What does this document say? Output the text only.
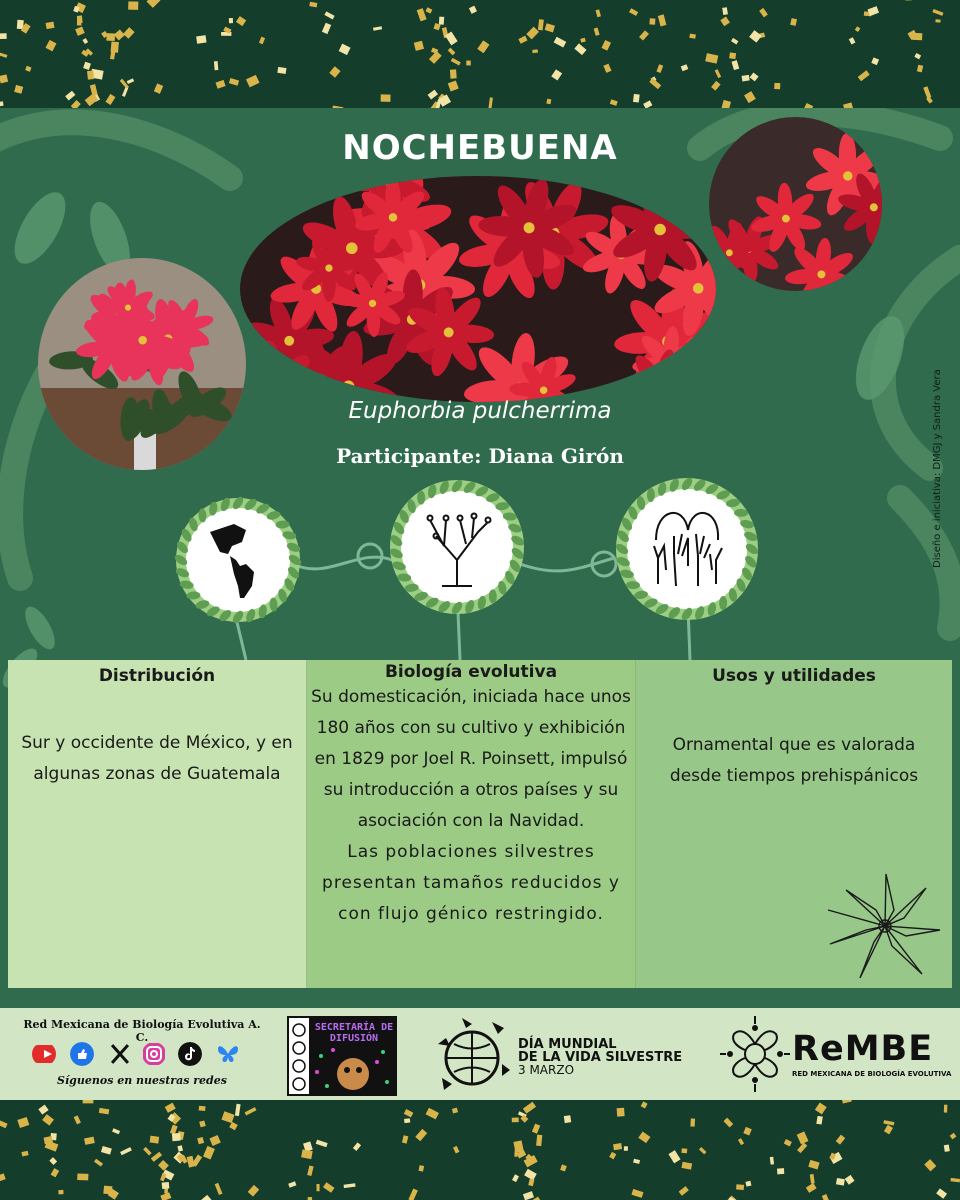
NOCHEBUENA
Euphorbia pulcherrima
Participante: Diana Girón	Diseño e iniciativa: DMGJ y Sandra Vera
Distribución

Sur y occidente de México, y en algunas zonas de Guatemala

Biología evolutiva

Su domesticación, iniciada hace unos 180 años con su cultivo y exhibición en 1829 por Joel R. Poinsett, impulsó su introducción a otros países y su asociación con la Navidad.

Las poblaciones silvestres presentan tamaños reducidos y con flujo génico restringido.

Usos y utilidades

Ornamental que es valorada desde tiempos prehispánicos

Red Mexicana de Biología Evolutiva A. C.
Síguenos en nuestras redes
SECRETARÍA DE DIFUSIÓN	DÍA MUNDIAL
DE LA VIDA SILVESTRE
3 MARZO
ReMBE
RED MEXICANA DE BIOLOGÍA EVOLUTIVA
